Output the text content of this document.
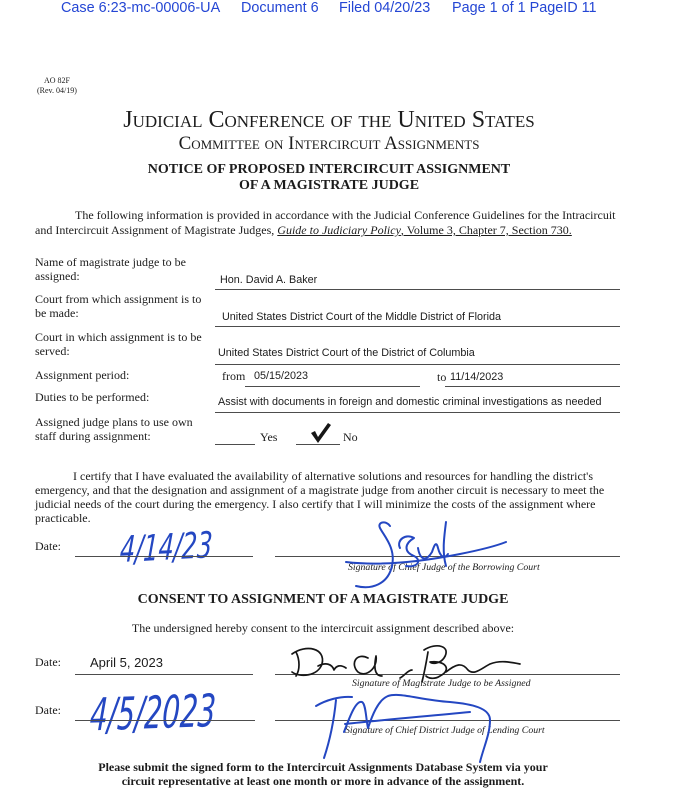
Case 6:23-mc-00006-UA Document 6 Filed 04/20/23 Page 1 of 1 PageID 11
AO 82F
(Rev. 04/19)
Judicial Conference of the United States
Committee on Intercircuit Assignments
NOTICE OF PROPOSED INTERCIRCUIT ASSIGNMENT
OF A MAGISTRATE JUDGE

The following information is provided in accordance with the Judicial Conference Guidelines for the Intracircuit and Intercircuit Assignment of Magistrate Judges, Guide to Judiciary Policy, Volume 3, Chapter 7, Section 730.

Name of magistrate judge to be assigned:	Hon. David A. Baker
Court from which assignment is to be made:	United States District Court of the Middle District of Florida
Court in which assignment is to be served:	United States District Court of the District of Columbia
Assignment period:	from 05/15/2023	to 11/14/2023
Duties to be performed:	Assist with documents in foreign and domestic criminal investigations as needed
Assigned judge plans to use own staff during assignment:	Yes	No

I certify that I have evaluated the availability of alternative solutions and resources for handling the district's emergency, and that the designation and assignment of a magistrate judge from another circuit is necessary to meet the judicial needs of the court during the emergency. I also certify that I will minimize the costs of the assignment where practicable.

Date: 4/14/23	Signature of Chief Judge of the Borrowing Court
CONSENT TO ASSIGNMENT OF A MAGISTRATE JUDGE
The undersigned hereby consent to the intercircuit assignment described above:
Date: April 5, 2023
Signature of Magistrate Judge to be Assigned
Date: 4/5/2023	Signature of Chief District Judge of Lending Court
Please submit the signed form to the Intercircuit Assignments Database System via your circuit representative at least one month or more in advance of the assignment.
